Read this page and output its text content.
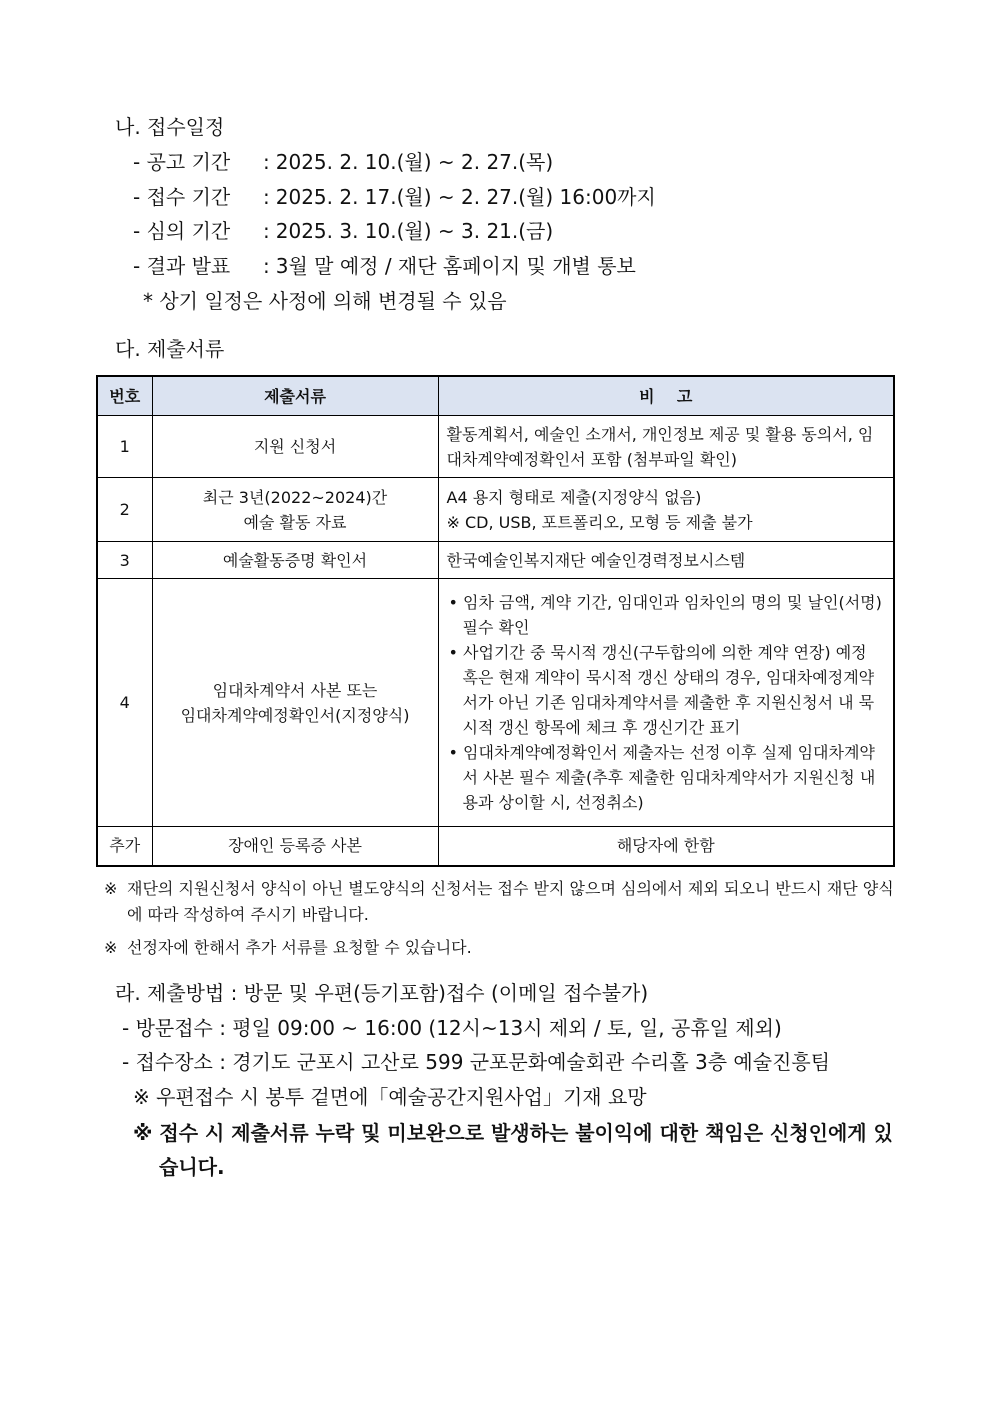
나. 접수일정
- 공고 기간 : 2025. 2. 10.(월) ~ 2. 27.(목)
- 접수 기간 : 2025. 2. 17.(월) ~ 2. 27.(월) 16:00까지
- 심의 기간 : 2025. 3. 10.(월) ~ 3. 21.(금)
- 결과 발표 : 3월 말 예정 / 재단 홈페이지 및 개별 통보
* 상기 일정은 사정에 의해 변경될 수 있음
다. 제출서류
번호	제출서류	비    고
1	지원 신청서	활동계획서, 예술인 소개서, 개인정보 제공 및 활용 동의서, 임대차계약예정확인서 포함 (첨부파일 확인)

2	최근 3년(2022~2024)간
예술 활동 자료	A4 용지 형태로 제출(지정양식 없음)
※ CD, USB, 포트폴리오, 모형 등 제출 불가

3	예술활동증명 확인서	한국예술인복지재단 예술인경력정보시스템

4	임대차계약서 사본 또는
임대차계약예정확인서(지정양식)	• 임차 금액, 계약 기간, 임대인과 임차인의 명의 및 날인(서명) 필수 확인
• 사업기간 중 묵시적 갱신(구두합의에 의한 계약 연장) 예정 혹은 현재 계약이 묵시적 갱신 상태의 경우, 임대차예정계약서가 아닌 기존 임대차계약서를 제출한 후 지원신청서 내 묵시적 갱신 항목에 체크 후 갱신기간 표기
• 임대차계약예정확인서 제출자는 선정 이후 실제 임대차계약서 사본 필수 제출(추후 제출한 임대차계약서가 지원신청 내용과 상이할 시, 선정취소)

추가	장애인 등록증 사본	해당자에 한함
※ 재단의 지원신청서 양식이 아닌 별도양식의 신청서는 접수 받지 않으며 심의에서 제외 되오니 반드시 재단 양식에 따라 작성하여 주시기 바랍니다.
※ 선정자에 한해서 추가 서류를 요청할 수 있습니다.
라. 제출방법 : 방문 및 우편(등기포함)접수 (이메일 접수불가)
- 방문접수 : 평일 09:00 ~ 16:00 (12시~13시 제외 / 토, 일, 공휴일 제외)
- 접수장소 : 경기도 군포시 고산로 599 군포문화예술회관 수리홀 3층 예술진흥팀
※ 우편접수 시 봉투 겉면에「예술공간지원사업」기재 요망
※ 접수 시 제출서류 누락 및 미보완으로 발생하는 불이익에 대한 책임은 신청인에게 있습니다.
